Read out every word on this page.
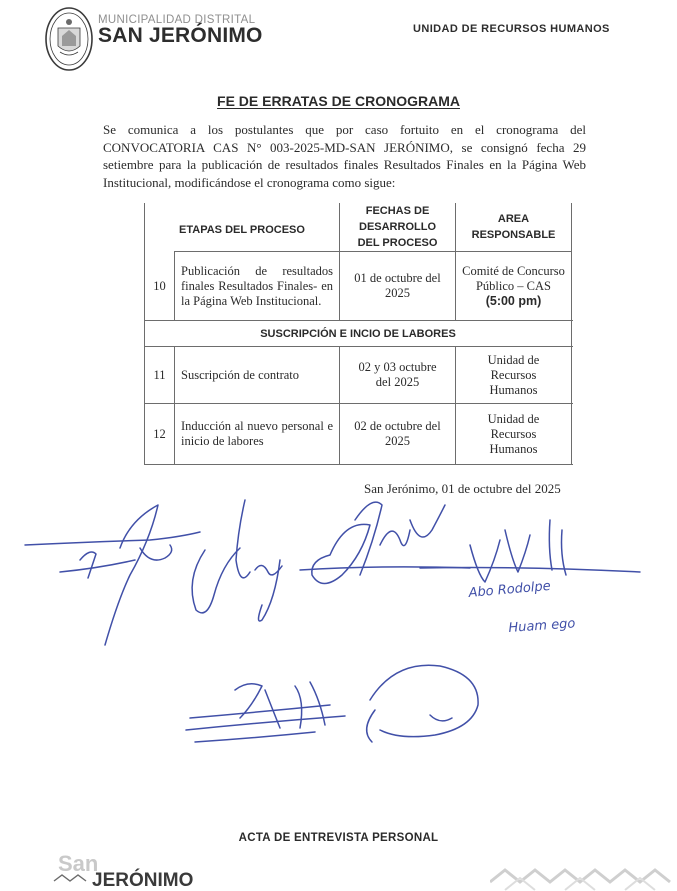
MUNICIPALIDAD DISTRITAL
SAN JERÓNIMO	UNIDAD DE RECURSOS HUMANOS
FE DE ERRATAS DE CRONOGRAMA
Se comunica a los postulantes que por caso fortuito en el cronograma del CONVOCATORIA CAS N° 003-2025-MD-SAN JERÓNIMO, se consignó fecha 29 setiembre para la publicación de resultados finales Resultados Finales en la Página Web Institucional, modificándose el cronograma como sigue:
ETAPAS DEL PROCESO
FECHAS DE DESARROLLO DEL PROCESO
AREA RESPONSABLE
10
Publicación de resultados finales Resultados Finales- en la Página Web Institucional.
01 de octubre del 2025
Comité de Concurso Público – CAS (5:00 pm)
SUSCRIPCIÓN E INCIO DE LABORES
11	Suscripción de contrato
02 y 03 octubre del 2025
Unidad de Recursos Humanos
12
Inducción al nuevo personal e inicio de labores
02 de octubre del 2025
Unidad de Recursos Humanos
San Jerónimo, 01 de octubre del 2025
Abo Rodolpe
Huam ego
ACTA DE ENTREVISTA PERSONAL
San
JERÓNIMO
